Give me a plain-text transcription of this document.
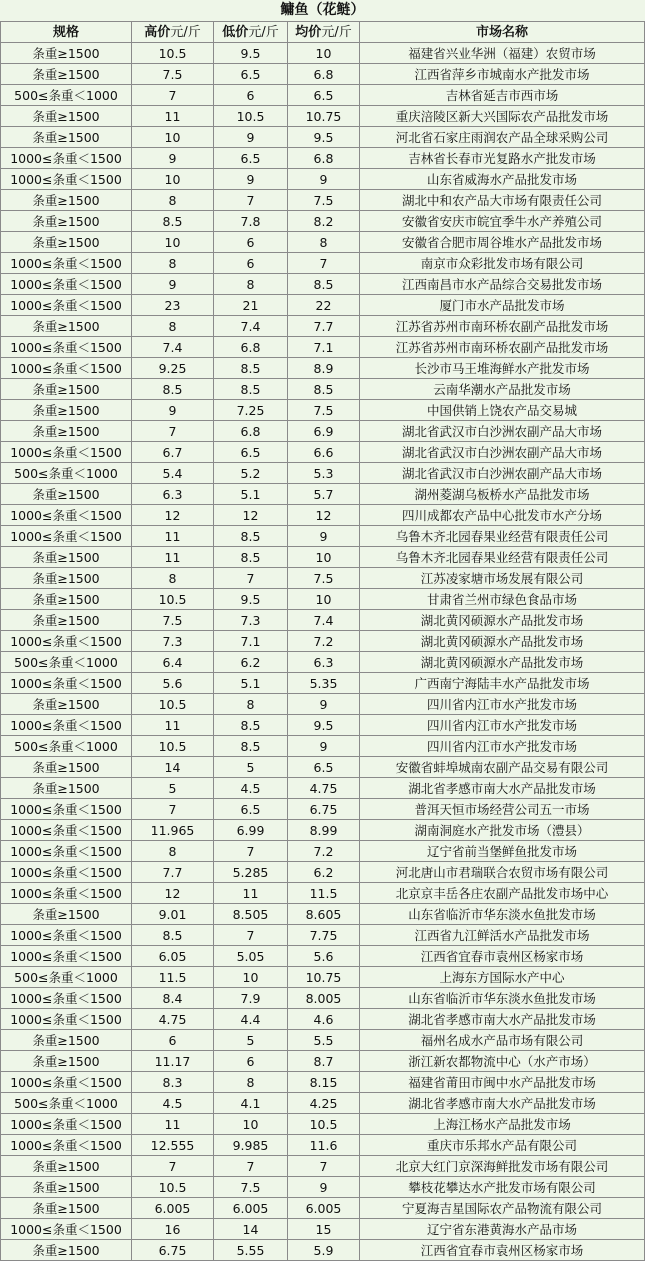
鳙鱼（花鲢）				
规格	高价元/斤	低价元/斤	均价元/斤	市场名称
条重≥1500	10.5	9.5	10	福建省兴业华洲（福建）农贸市场
条重≥1500	7.5	6.5	6.8	江西省萍乡市城南水产批发市场
500≤条重＜1000	7	6	6.5	吉林省延吉市西市场
条重≥1500	11	10.5	10.75	重庆涪陵区新大兴国际农产品批发市场
条重≥1500	10	9	9.5	河北省石家庄雨润农产品全球采购公司
1000≤条重＜1500	9	6.5	6.8	吉林省长春市光复路水产批发市场
1000≤条重＜1500	10	9	9	山东省威海水产品批发市场
条重≥1500	8	7	7.5	湖北中和农产品大市场有限责任公司
条重≥1500	8.5	7.8	8.2	安徽省安庆市皖宜季牛水产养殖公司
条重≥1500	10	6	8	安徽省合肥市周谷堆水产品批发市场
1000≤条重＜1500	8	6	7	南京市众彩批发市场有限公司
1000≤条重＜1500	9	8	8.5	江西南昌市水产品综合交易批发市场
1000≤条重＜1500	23	21	22	厦门市水产品批发市场
条重≥1500	8	7.4	7.7	江苏省苏州市南环桥农副产品批发市场
1000≤条重＜1500	7.4	6.8	7.1	江苏省苏州市南环桥农副产品批发市场
1000≤条重＜1500	9.25	8.5	8.9	长沙市马王堆海鲜水产批发市场
条重≥1500	8.5	8.5	8.5	云南华潮水产品批发市场
条重≥1500	9	7.25	7.5	中国供销上饶农产品交易城
条重≥1500	7	6.8	6.9	湖北省武汉市白沙洲农副产品大市场
1000≤条重＜1500	6.7	6.5	6.6	湖北省武汉市白沙洲农副产品大市场
500≤条重＜1000	5.4	5.2	5.3	湖北省武汉市白沙洲农副产品大市场
条重≥1500	6.3	5.1	5.7	湖州菱湖乌板桥水产品批发市场
1000≤条重＜1500	12	12	12	四川成都农产品中心批发市水产分场
1000≤条重＜1500	11	8.5	9	乌鲁木齐北园春果业经营有限责任公司
条重≥1500	11	8.5	10	乌鲁木齐北园春果业经营有限责任公司
条重≥1500	8	7	7.5	江苏凌家塘市场发展有限公司
条重≥1500	10.5	9.5	10	甘肃省兰州市绿色食品市场
条重≥1500	7.5	7.3	7.4	湖北黄冈硕源水产品批发市场
1000≤条重＜1500	7.3	7.1	7.2	湖北黄冈硕源水产品批发市场
500≤条重＜1000	6.4	6.2	6.3	湖北黄冈硕源水产品批发市场
1000≤条重＜1500	5.6	5.1	5.35	广西南宁海陆丰水产品批发市场
条重≥1500	10.5	8	9	四川省内江市水产批发市场
1000≤条重＜1500	11	8.5	9.5	四川省内江市水产批发市场
500≤条重＜1000	10.5	8.5	9	四川省内江市水产批发市场
条重≥1500	14	5	6.5	安徽省蚌埠城南农副产品交易有限公司
条重≥1500	5	4.5	4.75	湖北省孝感市南大水产品批发市场
1000≤条重＜1500	7	6.5	6.75	普洱天恒市场经营公司五一市场
1000≤条重＜1500	11.965	6.99	8.99	湖南洞庭水产批发市场（澧县）
1000≤条重＜1500	8	7	7.2	辽宁省前当堡鲜鱼批发市场
1000≤条重＜1500	7.7	5.285	6.2	河北唐山市君瑞联合农贸市场有限公司
1000≤条重＜1500	12	11	11.5	北京京丰岳各庄农副产品批发市场中心
条重≥1500	9.01	8.505	8.605	山东省临沂市华东淡水鱼批发市场
1000≤条重＜1500	8.5	7	7.75	江西省九江鲜活水产品批发市场
1000≤条重＜1500	6.05	5.05	5.6	江西省宜春市袁州区杨家市场
500≤条重＜1000	11.5	10	10.75	上海东方国际水产中心
1000≤条重＜1500	8.4	7.9	8.005	山东省临沂市华东淡水鱼批发市场
1000≤条重＜1500	4.75	4.4	4.6	湖北省孝感市南大水产品批发市场
条重≥1500	6	5	5.5	福州名成水产品市场有限公司
条重≥1500	11.17	6	8.7	浙江新农都物流中心（水产市场）
1000≤条重＜1500	8.3	8	8.15	福建省莆田市闽中水产品批发市场
500≤条重＜1000	4.5	4.1	4.25	湖北省孝感市南大水产品批发市场
1000≤条重＜1500	11	10	10.5	上海江杨水产品批发市场
1000≤条重＜1500	12.555	9.985	11.6	重庆市乐邦水产品有限公司
条重≥1500	7	7	7	北京大红门京深海鲜批发市场有限公司
条重≥1500	10.5	7.5	9	攀枝花攀达水产批发市场有限公司
条重≥1500	6.005	6.005	6.005	宁夏海吉星国际农产品物流有限公司
1000≤条重＜1500	16	14	15	辽宁省东港黄海水产品市场
条重≥1500	6.75	5.55	5.9	江西省宜春市袁州区杨家市场
